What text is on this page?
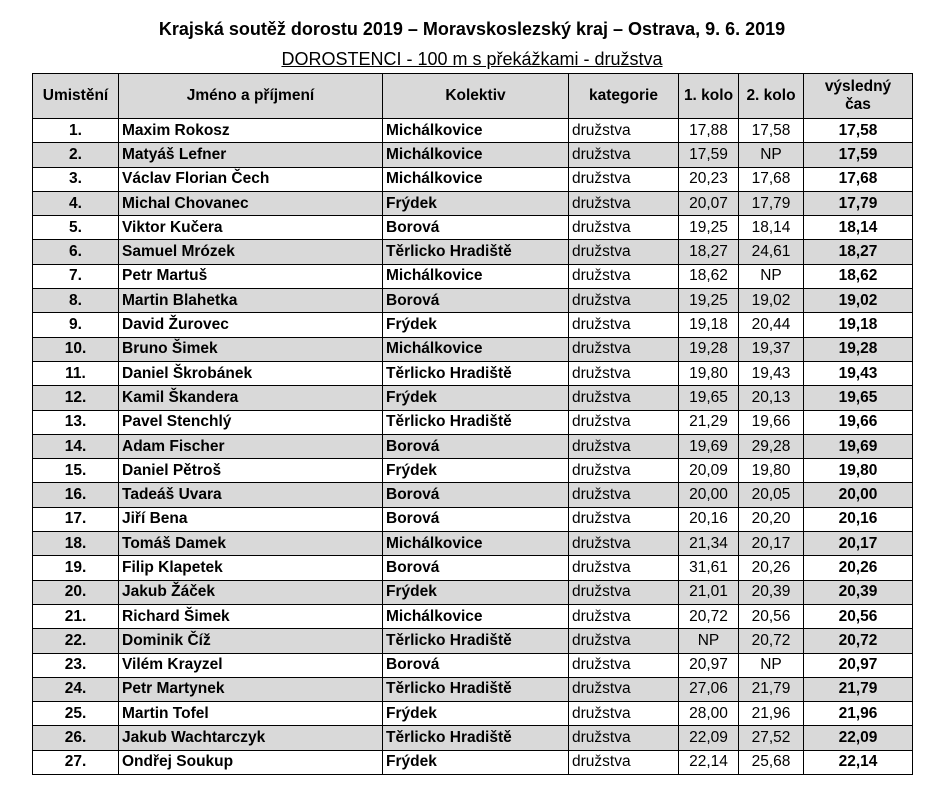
Krajská soutěž dorostu 2019 – Moravskoslezský kraj – Ostrava, 9. 6. 2019
DOROSTENCI - 100 m s překážkami - družstva
Umistění	Jméno a příjmení	Kolektiv	kategorie	1. kolo	2. kolo	výsledný
čas

1.	Maxim Rokosz	Michálkovice	družstva	17,88	17,58	17,58
2.	Matyáš Lefner	Michálkovice	družstva	17,59	NP	17,59
3.	Václav Florian Čech	Michálkovice	družstva	20,23	17,68	17,68
4.	Michal Chovanec	Frýdek	družstva	20,07	17,79	17,79
5.	Viktor Kučera	Borová	družstva	19,25	18,14	18,14
6.	Samuel Mrózek	Těrlicko Hradiště	družstva	18,27	24,61	18,27
7.	Petr Martuš	Michálkovice	družstva	18,62	NP	18,62
8.	Martin Blahetka	Borová	družstva	19,25	19,02	19,02
9.	David Žurovec	Frýdek	družstva	19,18	20,44	19,18
10.	Bruno Šimek	Michálkovice	družstva	19,28	19,37	19,28
11.	Daniel Škrobánek	Těrlicko Hradiště	družstva	19,80	19,43	19,43
12.	Kamil Škandera	Frýdek	družstva	19,65	20,13	19,65
13.	Pavel Stenchlý	Těrlicko Hradiště	družstva	21,29	19,66	19,66
14.	Adam Fischer	Borová	družstva	19,69	29,28	19,69
15.	Daniel Pětroš	Frýdek	družstva	20,09	19,80	19,80
16.	Tadeáš Uvara	Borová	družstva	20,00	20,05	20,00
17.	Jiří Bena	Borová	družstva	20,16	20,20	20,16
18.	Tomáš Damek	Michálkovice	družstva	21,34	20,17	20,17
19.	Filip Klapetek	Borová	družstva	31,61	20,26	20,26
20.	Jakub Žáček	Frýdek	družstva	21,01	20,39	20,39
21.	Richard Šimek	Michálkovice	družstva	20,72	20,56	20,56
22.	Dominik Číž	Těrlicko Hradiště	družstva	NP	20,72	20,72
23.	Vilém Krayzel	Borová	družstva	20,97	NP	20,97
24.	Petr Martynek	Těrlicko Hradiště	družstva	27,06	21,79	21,79
25.	Martin Tofel	Frýdek	družstva	28,00	21,96	21,96
26.	Jakub Wachtarczyk	Těrlicko Hradiště	družstva	22,09	27,52	22,09
27.	Ondřej Soukup	Frýdek	družstva	22,14	25,68	22,14
